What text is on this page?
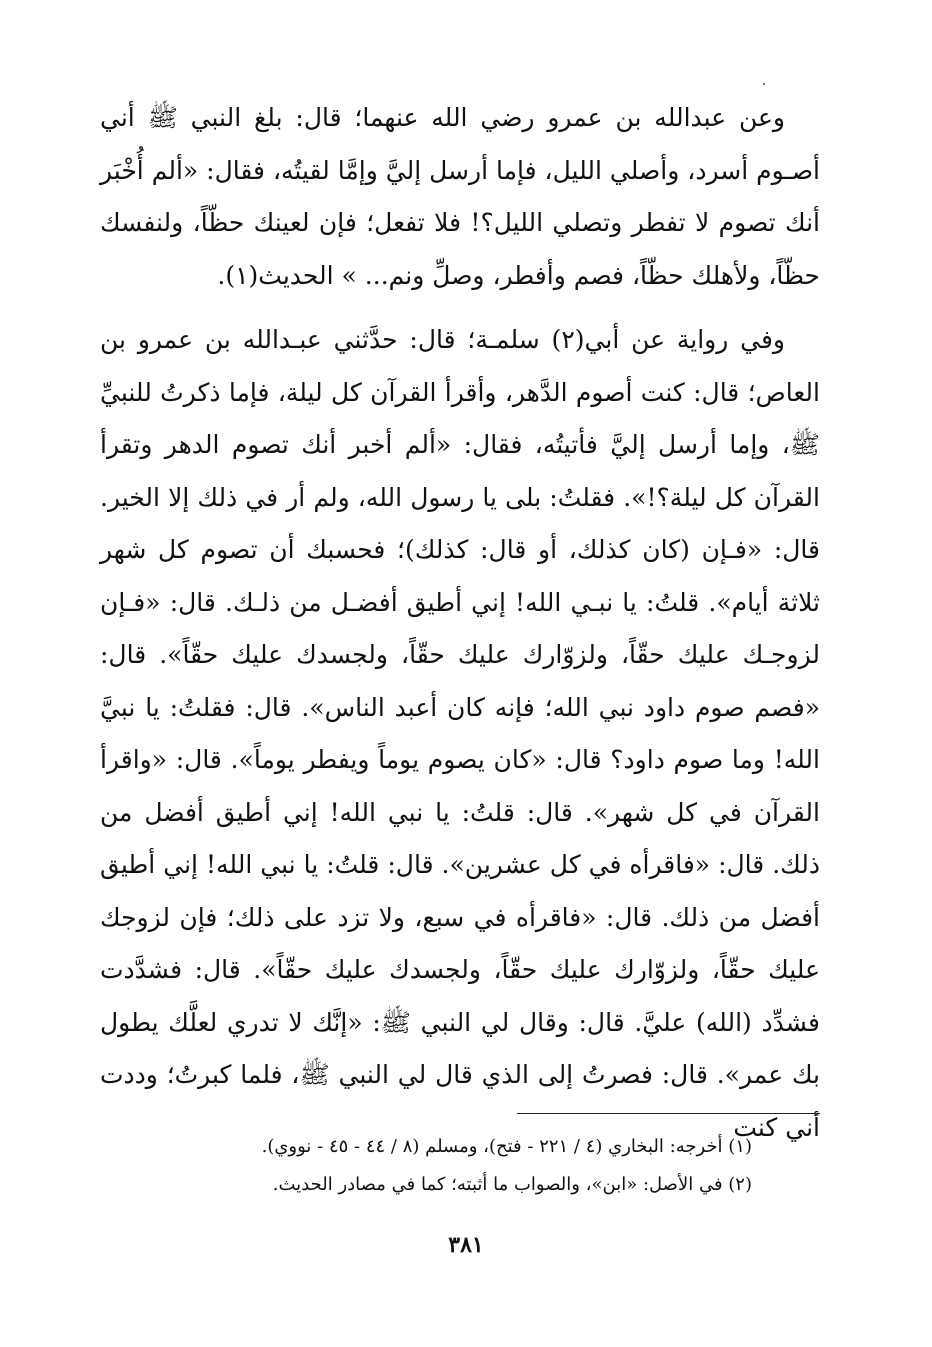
وعن عبدالله بن عمرو رضي الله عنهما؛ قال: بلغ النبي ﷺ أني أصـوم أسرد، وأصلي الليل، فإما أرسل إليَّ وإمَّا لقيتُه، فقال: «ألم أُخْبَر أنك تصوم لا تفطر وتصلي الليل؟! فلا تفعل؛ فإن لعينك حظّاً، ولنفسك حظّاً، ولأهلك حظّاً، فصم وأفطر، وصلِّ ونم... » الحديث(١).

وفي رواية عن أبي(٢) سلمـة؛ قال: حدَّثني عبـدالله بن عمرو بن العاص؛ قال: كنت أصوم الدَّهر، وأقرأ القرآن كل ليلة، فإما ذكرتُ للنبيِّ ﷺ، وإما أرسل إليَّ فأتيتُه، فقال: «ألم أخبر أنك تصوم الدهر وتقرأ القرآن كل ليلة؟!». فقلتُ: بلى يا رسول الله، ولم أر في ذلك إلا الخير. قال: «فـإن (كان كذلك، أو قال: كذلك)؛ فحسبك أن تصوم كل شهر ثلاثة أيام». قلتُ: يا نبـي الله! إني أطيق أفضـل من ذلـك. قال: «فـإن لزوجـك عليك حقّاً، ولزوّارك عليك حقّاً، ولجسدك عليك حقّاً». قال: «فصم صوم داود نبي الله؛ فإنه كان أعبد الناس». قال: فقلتُ: يا نبيَّ الله! وما صوم داود؟ قال: «كان يصوم يوماً ويفطر يوماً». قال: «واقرأ القرآن في كل شهر». قال: قلتُ: يا نبي الله! إني أطيق أفضل من ذلك. قال: «فاقرأه في كل عشرين». قال: قلتُ: يا نبي الله! إني أطيق أفضل من ذلك. قال: «فاقرأه في سبع، ولا تزد على ذلك؛ فإن لزوجك عليك حقّاً، ولزوّارك عليك حقّاً، ولجسدك عليك حقّاً». قال: فشدَّدت فشدِّد (الله) عليَّ. قال: وقال لي النبي ﷺ: «إنَّك لا تدري لعلَّك يطول بك عمر». قال: فصرتُ إلى الذي قال لي النبي ﷺ، فلما كبرتُ؛ وددت أني كنت

(١) أخرجه: البخاري (٤ / ٢٢١ - فتح)، ومسلم (٨ / ٤٤ - ٤٥ - نووي).

(٢) في الأصل: «ابن»، والصواب ما أثبته؛ كما في مصادر الحديث.

٣٨١
